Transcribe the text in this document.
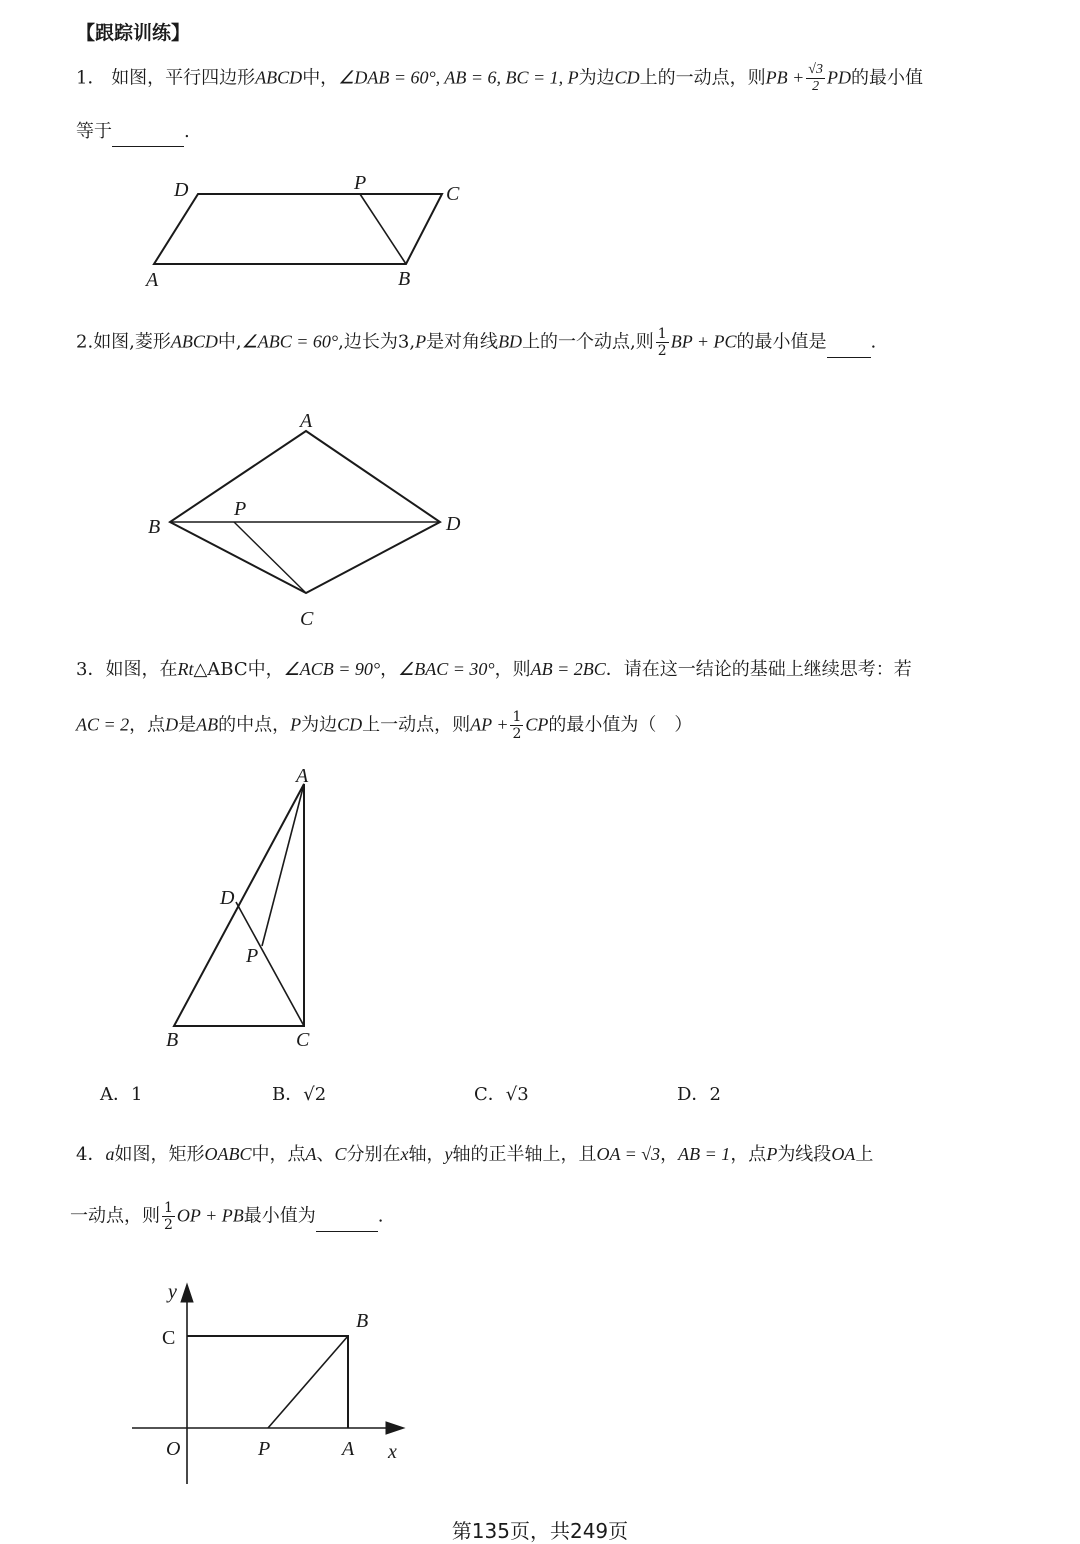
【跟踪训练】
1． 如图，平行四边形ABCD中，∠DAB = 60°, AB = 6, BC = 1, P为边CD上的一动点，则PB + $\frac{√3}{2}$ PD的最小值
等于	.
D	P	C
A	B
2.如图,菱形ABCD中,∠ABC = 60°,边长为3,P是对角线BD上的一个动点,则 $\frac{1}{2}$ BP + PC的最小值是 .
A
B
P
D
C
3．如图，在Rt△ABC中，∠ACB = 90°，∠BAC = 30°，则AB = 2BC．请在这一结论的基础上继续思考：若
AC = 2，点D是AB的中点，P为边CD上一动点，则AP + $\frac{1}{2}$ CP的最小值为（　）
A
D
P
B	C
A．1	B．√2	C．√3	D．2
4．a如图，矩形OABC中，点A、C分别在x轴，y轴的正半轴上，且OA = √3，AB = 1，点P为线段OA上
一动点，则 $\frac{1}{2}$ OP + PB最小值为	.
y
C
B
O	P	A x
第135页，共249页
